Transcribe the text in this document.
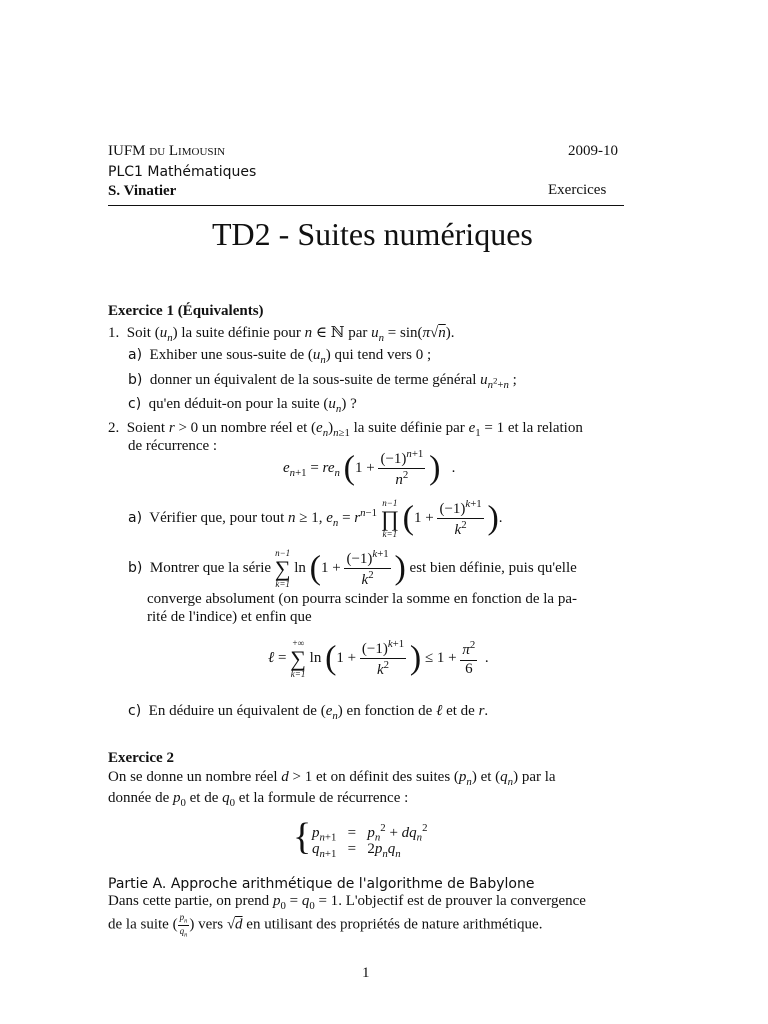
IUFM du Limousin	2009-10
PLC1 Mathématiques
S. Vinatier	Exercices
TD2 - Suites numériques
Exercice 1 (Équivalents)
1. Soit $(u_n)$ la suite définie pour n ∈ ℕ par $u_n = \sin(\pi√n)$.
a) Exhiber une sous-suite de $(u_n)$ qui tend vers 0 ;
b) donner un équivalent de la sous-suite de terme général $u_{n^2+n}$ ;
c) qu'en déduit-on pour la suite $(u_n)$ ?
2. Soient r > 0 un nombre réel et $(e_n)_{n\ge 1}$ la suite définie par $e_1 = 1$ et la relation
de récurrence :
$e_{n+1} = re_n$ ($1 + \frac{(-1)^{n+1}}{n^2}$ )   .
a) Vérifier que, pour tout n ≥ 1, $e_n = r^{n-1}$
n−1
∏
k=1 ($1 + \frac{(-1)^{k+1}}{k^2}$ ).
b) Montrer que la série
n−1
∑
k=1
$\ln (1 + \frac{(-1)^{k+1}}{k^2}$ ) est bien définie, puis qu'elle
converge absolument (on pourra scinder la somme en fonction de la pa-
rité de l'indice) et enfin que
ℓ =
+∞
∑
k=1
$\ln (1 + \frac{(-1)^{k+1}}{k^2}$ ) ≤ $1 + \frac{\pi^2}{6}$ .
c) En déduire un équivalent de $(e_n)$ en fonction de ℓ et de r.
Exercice 2
On se donne un nombre réel d > 1 et on définit des suites $(p_n)$ et $(q_n)$ par la
donnée de $p_0$ et de $q_0$ et la formule de récurrence :
{ $p_{n+1} = p_n^2 + dq_n^2$
$q_{n+1} = 2p_nq_n$
Partie A. Approche arithmétique de l'algorithme de Babylone
Dans cette partie, on prend $p_0 = q_0 = 1$. L'objectif est de prouver la convergence
de la suite ( $\frac{p_n}{q_n}$ ) vers √d en utilisant des propriétés de nature arithmétique.
1
